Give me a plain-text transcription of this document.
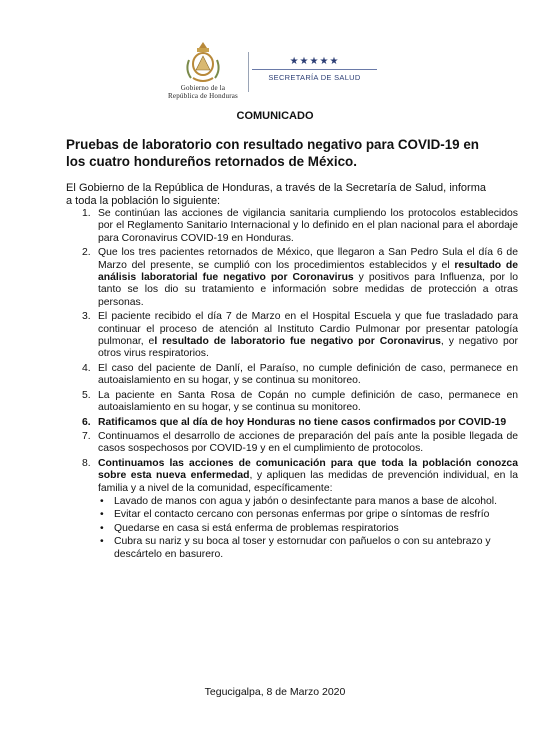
Gobierno de la
República de Honduras
★★★★★
SECRETARÍA DE SALUD
COMUNICADO
Pruebas de laboratorio con resultado negativo para COVID-19 en los cuatro hondureños retornados de México.
El Gobierno de la República de Honduras, a través de la Secretaría de Salud, informa a toda la población lo siguiente:
1. Se continúan las acciones de vigilancia sanitaria cumpliendo los protocolos establecidos por el Reglamento Sanitario Internacional y lo definido en el plan nacional para el abordaje para Coronavirus COVID-19 en Honduras.
2. Que los tres pacientes retornados de México, que llegaron a San Pedro Sula el día 6 de Marzo del presente, se cumplió con los procedimientos establecidos y el resultado de análisis laboratorial fue negativo por Coronavirus y positivos para Influenza, por lo tanto se los dio su tratamiento e información sobre medidas de protección a otras personas.
3. El paciente recibido el día 7 de Marzo en el Hospital Escuela y que fue trasladado para continuar el proceso de atención al Instituto Cardio Pulmonar por presentar patología pulmonar, el resultado de laboratorio fue negativo por Coronavirus, y negativo por otros virus respiratorios.
4. El caso del paciente de Danlí, el Paraíso, no cumple definición de caso, permanece en autoaislamiento en su hogar, y se continua su monitoreo.
5. La paciente en Santa Rosa de Copán no cumple definición de caso, permanece en autoaislamiento en su hogar, y se continua su monitoreo.
6. Ratificamos que al día de hoy Honduras no tiene casos confirmados por COVID-19
7. Continuamos el desarrollo de acciones de preparación del país ante la posible llegada de casos sospechosos por COVID-19 y en el cumplimiento de protocolos.
8. Continuamos las acciones de comunicación para que toda la población conozca sobre esta nueva enfermedad, y apliquen las medidas de prevención individual, en la familia y a nivel de la comunidad, específicamente:
• Lavado de manos con agua y jabón o desinfectante para manos a base de alcohol.
• Evitar el contacto cercano con personas enfermas por gripe o síntomas de resfrío
• Quedarse en casa si está enferma de problemas respiratorios
• Cubra su nariz y su boca al toser y estornudar con pañuelos o con su antebrazo y descártelo en basurero.
Tegucigalpa, 8 de Marzo 2020
